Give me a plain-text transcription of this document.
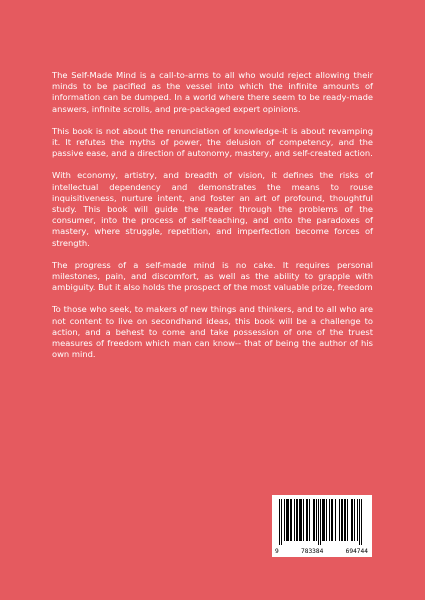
The Self-Made Mind is a call-to-arms to all who would reject allowing their minds to be pacified as the vessel into which the infinite amounts of information can be dumped. In a world where there seem to be ready-made answers, infinite scrolls, and pre-packaged expert opinions.

This book is not about the renunciation of knowledge-it is about revamping it. It refutes the myths of power, the delusion of competency, and the passive ease, and a direction of autonomy, mastery, and self-created action.

With economy, artistry, and breadth of vision, it defines the risks of intellectual dependency and demonstrates the means to rouse inquisitiveness, nurture intent, and foster an art of profound, thoughtful study. This book will guide the reader through the problems of the consumer, into the process of self-teaching, and onto the paradoxes of mastery, where struggle, repetition, and imperfection become forces of strength.

The progress of a self-made mind is no cake. It requires personal milestones, pain, and discomfort, as well as the ability to grapple with ambiguity. But it also holds the prospect of the most valuable prize, freedom

To those who seek, to makers of new things and thinkers, and to all who are not content to live on secondhand ideas, this book will be a challenge to action, and a behest to come and take possession of one of the truest measures of freedom which man can know-- that of being the author of his own mind.

9	783384	694744
